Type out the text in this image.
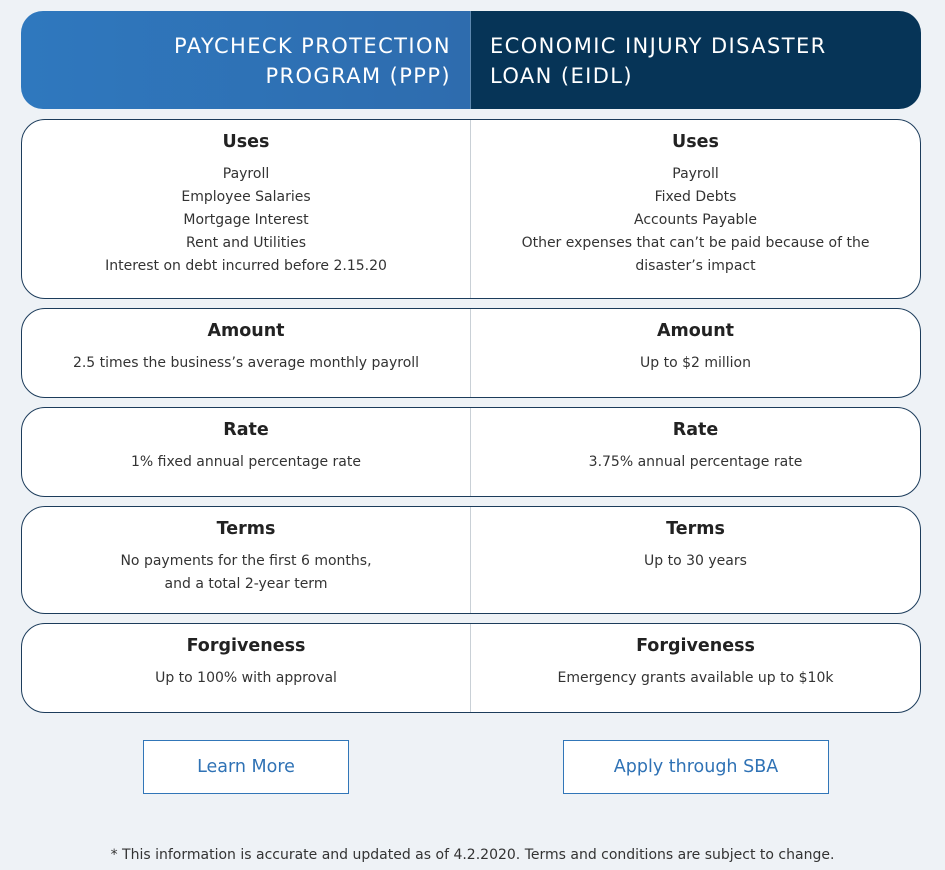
PAYCHECK PROTECTION PROGRAM (PPP)
ECONOMIC INJURY DISASTER LOAN (EIDL)
Uses
Payroll
Employee Salaries
Mortgage Interest
Rent and Utilities
Interest on debt incurred before 2.15.20
Uses
Payroll
Fixed Debts
Accounts Payable
Other expenses that can’t be paid because of the disaster’s impact
Amount
2.5 times the business’s average monthly payroll
Amount
Up to $2 million
Rate
1% fixed annual percentage rate
Rate
3.75% annual percentage rate
Terms
No payments for the first 6 months,
and a total 2-year term
Terms
Up to 30 years
Forgiveness
Up to 100% with approval
Forgiveness
Emergency grants available up to $10k
Learn More	Apply through SBA
* This information is accurate and updated as of 4.2.2020. Terms and conditions are subject to change.
